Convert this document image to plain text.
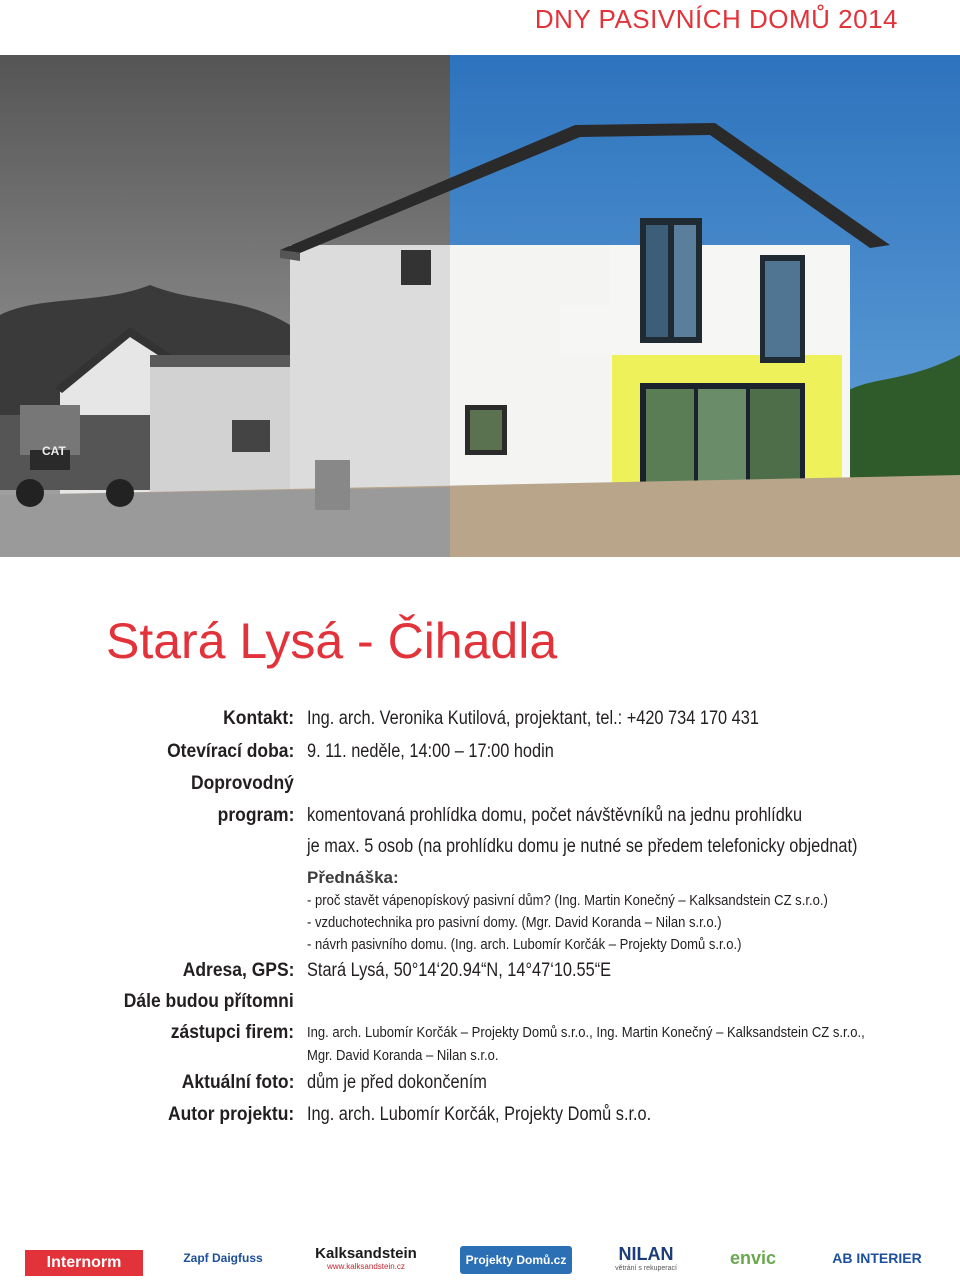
DNY PASIVNÍCH DOMŮ 2014
CAT
Stará Lysá - Čihadla
Kontakt: Ing. arch. Veronika Kutilová, projektant, tel.: +420 734 170 431
Otevírací doba: 9. 11. neděle, 14:00 – 17:00 hodin
Doprovodný
program: komentovaná prohlídka domu, počet návštěvníků na jednu prohlídku
je max. 5 osob (na prohlídku domu je nutné se předem telefonicky objednat)
Přednáška:
- proč stavět vápenopískový pasivní dům? (Ing. Martin Konečný – Kalksandstein CZ s.r.o.)
- vzduchotechnika pro pasivní domy. (Mgr. David Koranda – Nilan s.r.o.)
- návrh pasivního domu. (Ing. arch. Lubomír Korčák – Projekty Domů s.r.o.)
Adresa, GPS: Stará Lysá, 50°14‘20.94“N, 14°47‘10.55“E
Dále budou přítomni
zástupci firem: Ing. arch. Lubomír Korčák – Projekty Domů s.r.o., Ing. Martin Konečný – Kalksandstein CZ s.r.o.,
Mgr. David Koranda – Nilan s.r.o.
Aktuální foto: dům je před dokončením
Autor projektu: Ing. arch. Lubomír Korčák, Projekty Domů s.r.o.
Internorm	Zapf Daigfuss	Kalksandstein
www.kalksandstein.cz	Projekty Domů.cz	NILAN
větrání s rekuperací
envic	AB INTERIER
